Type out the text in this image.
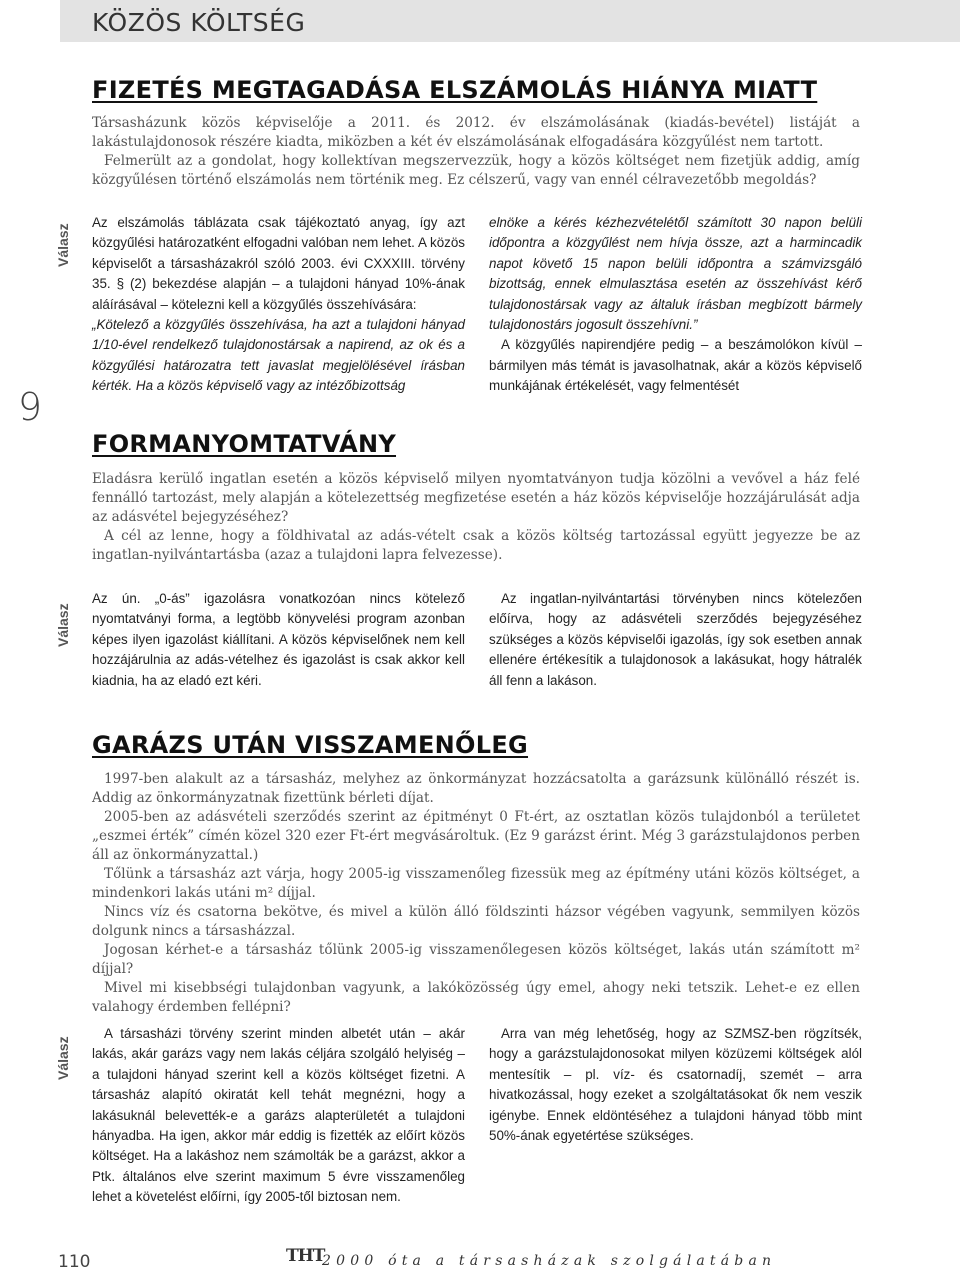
KÖZÖS KÖLTSÉG
9
FIZETÉS MEGTAGADÁSA ELSZÁMOLÁS HIÁNYA MIATT

Társasházunk közös képviselője a 2011. és 2012. év elszámolásának (kiadás-bevétel) listáját a lakástulajdonosok részére kiadta, miközben a két év elszámolásának elfogadására közgyűlést nem tartott.

Felmerült az a gondolat, hogy kollektívan megszervezzük, hogy a közös költséget nem fizetjük addig, amíg közgyűlésen történő elszámolás nem történik meg. Ez célszerű, vagy van ennél célravezetőbb megoldás?

Válasz

Az elszámolás táblázata csak tájékoztató anyag, így azt közgyűlési határozatként elfogadni valóban nem lehet. A közös képviselőt a társasházakról szóló 2003. évi CXXXIII. törvény 35. § (2) bekezdése alapján – a tulajdoni hányad 10%-ának aláírásával – kötelezni kell a közgyűlés összehívására:

„Kötelező a közgyűlés összehívása, ha azt a tulajdoni hányad 1/10-ével rendelkező tulajdonostársak a napirend, az ok és a közgyűlési határozatra tett javaslat megjelölésével írásban kérték. Ha a közös képviselő vagy az intézőbizottság

elnöke a kérés kézhezvételétől számított 30 napon belüli időpontra a közgyűlést nem hívja össze, azt a harmincadik napot követő 15 napon belüli időpontra a számvizsgáló bizottság, ennek elmulasztása esetén az összehívást kérő tulajdonostársak vagy az általuk írásban megbízott bármely tulajdonostárs jogosult összehívni.”

A közgyűlés napirendjére pedig – a beszámolókon kívül – bármilyen más témát is javasolhatnak, akár a közös képviselő munkájának értékelését, vagy felmentését

FORMANYOMTATVÁNY

Eladásra kerülő ingatlan esetén a közös képviselő milyen nyomtatványon tudja közölni a vevővel a ház felé fennálló tartozást, mely alapján a kötelezettség megfizetése esetén a ház közös képviselője hozzájárulását adja az adásvétel bejegyzéséhez?

A cél az lenne, hogy a földhivatal az adás-vételt csak a közös költség tartozással együtt jegyezze be az ingatlan-nyilvántartásba (azaz a tulajdoni lapra felvezesse).

Válasz

Az ún. „0-ás” igazolásra vonatkozóan nincs kötelező nyomtatványi forma, a legtöbb könyvelési program azonban képes ilyen igazolást kiállítani. A közös képviselőnek nem kell hozzájárulnia az adás-vételhez és igazolást is csak akkor kell kiadnia, ha az eladó ezt kéri.

Az ingatlan-nyilvántartási törvényben nincs kötelezően előírva, hogy az adásvételi szerződés bejegyzéséhez szükséges a közös képviselői igazolás, így sok esetben annak ellenére értékesítik a tulajdonosok a lakásukat, hogy hátralék áll fenn a lakáson.

GARÁZS UTÁN VISSZAMENŐLEG

1997-ben alakult az a társasház, melyhez az önkormányzat hozzácsatolta a garázsunk különálló részét is. Addig az önkormányzatnak fizettünk bérleti díjat.

2005-ben az adásvételi szerződés szerint az épitményt 0 Ft-ért, az osztatlan közös tulajdonból a területet „eszmei érték” címén közel 320 ezer Ft-ért megvásároltuk. (Ez 9 garázst érint. Még 3 garázstulajdonos perben áll az önkormányzattal.)

Tőlünk a társasház azt várja, hogy 2005-ig visszamenőleg fizessük meg az építmény utáni közös költséget, a mindenkori lakás utáni m² díjjal.

Nincs víz és csatorna bekötve, és mivel a külön álló földszinti házsor végében vagyunk, semmilyen közös dolgunk nincs a társasházzal.

Jogosan kérhet-e a társasház tőlünk 2005-ig visszamenőlegesen közös költséget, lakás után számított m² díjjal?

Mivel mi kisebbségi tulajdonban vagyunk, a lakóközösség úgy emel, ahogy neki tetszik. Lehet-e ez ellen valahogy érdemben fellépni?

Válasz

A társasházi törvény szerint minden albetét után – akár lakás, akár garázs vagy nem lakás céljára szolgáló helyiség – a tulajdoni hányad szerint kell a közös költséget fizetni. A társasház alapító okiratát kell tehát megnézni, hogy a lakásuknál belevették-e a garázs alapterületét a tulajdoni hányadba. Ha igen, akkor már eddig is fizették az előírt közös költséget. Ha a lakáshoz nem számolták be a garázst, akkor a Ptk. általános elve szerint maximum 5 évre visszamenőleg lehet a követelést előírni, így 2005-től biztosan nem.

Arra van még lehetőség, hogy az SZMSZ-ben rögzítsék, hogy a garázstulajdonosokat milyen közüzemi költségek alól mentesítik – pl. víz- és csatornadíj, szemét – arra hivatkozással, hogy ezeket a szolgáltatásokat ők nem veszik igénybe. Ennek eldöntéséhez a tulajdoni hányad több mint 50%-ának egyetértése szükséges.

110	THT
2000 óta a társasházak szolgálatában
